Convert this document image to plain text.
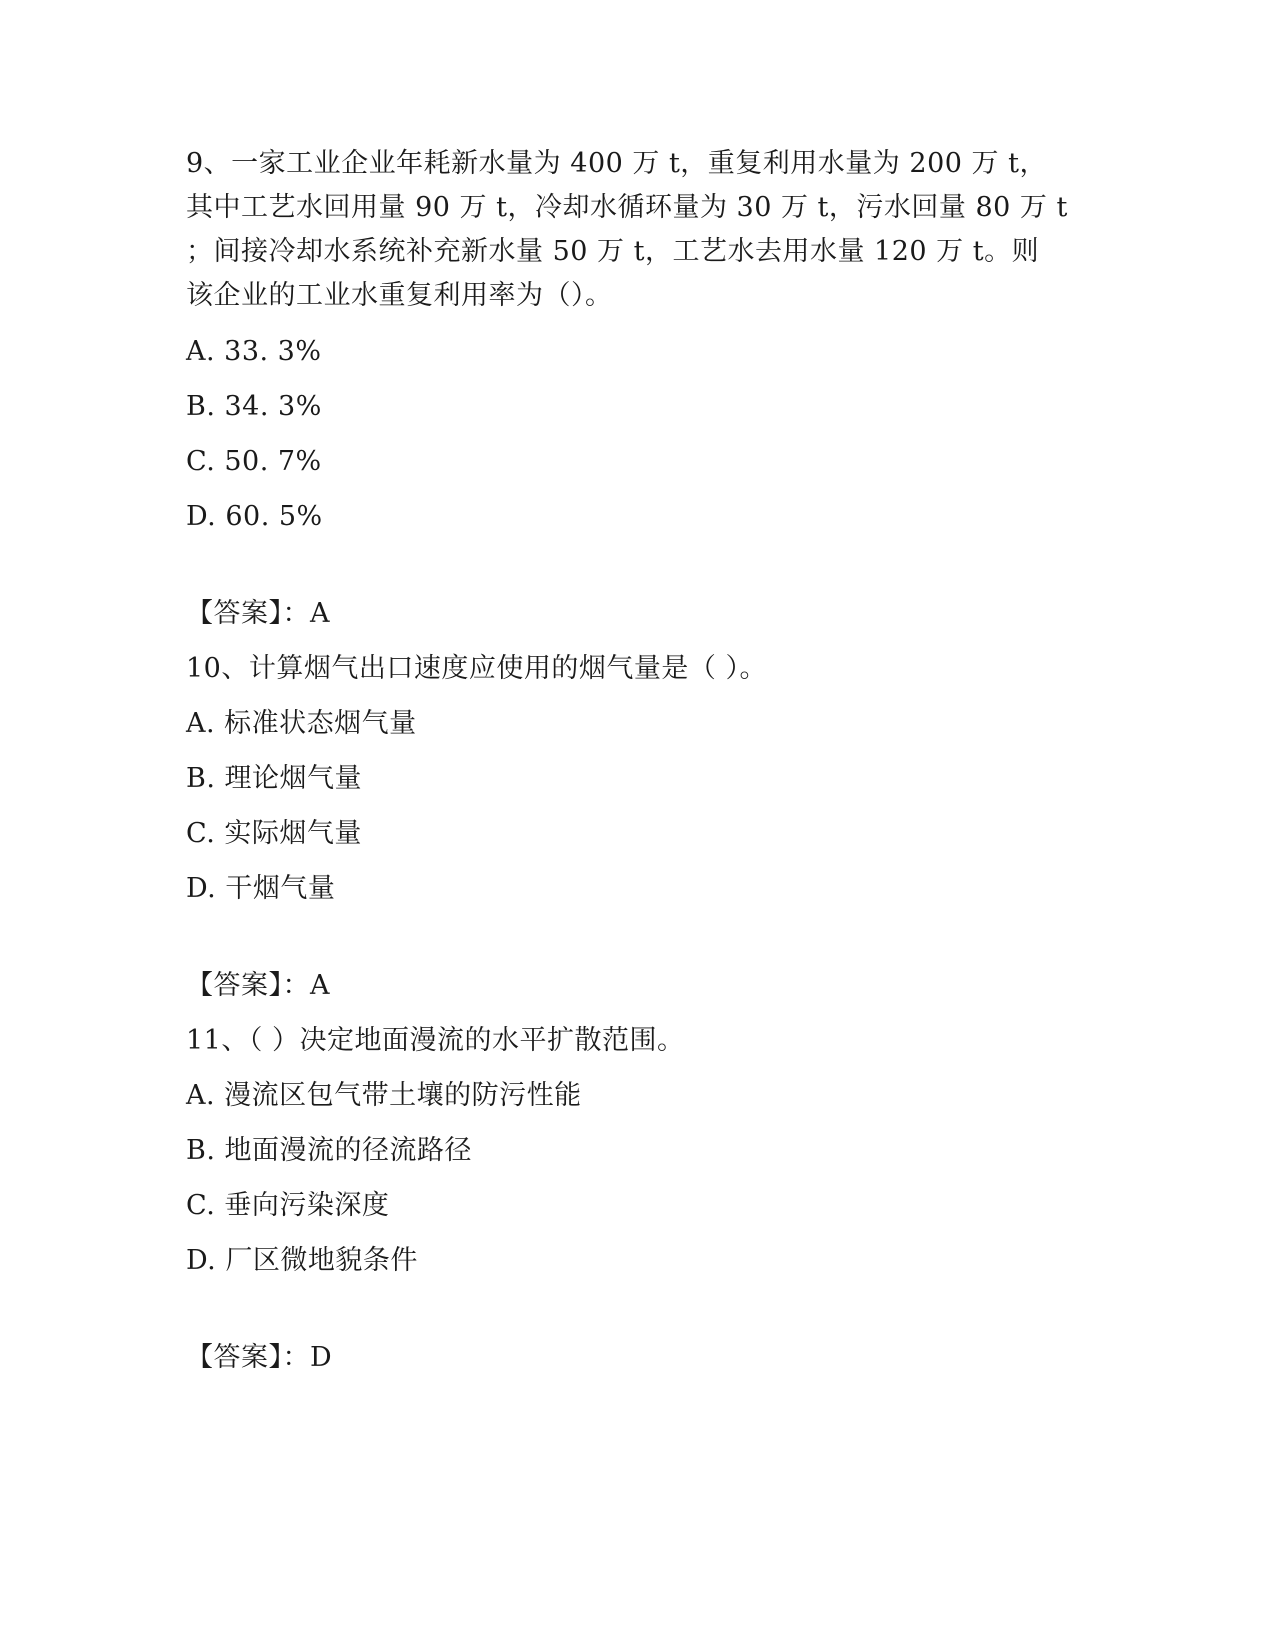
9、一家工业企业年耗新水量为 400 万 t，重复利用水量为 200 万 t，
其中工艺水回用量 90 万 t，冷却水循环量为 30 万 t，污水回量 80 万 t
；间接冷却水系统补充新水量 50 万 t，工艺水去用水量 120 万 t。则
该企业的工业水重复利用率为（）。
A. 33. 3%
B. 34. 3%
C. 50. 7%
D. 60. 5%
【答案】：A
10、计算烟气出口速度应使用的烟气量是（ ）。
A. 标准状态烟气量
B. 理论烟气量
C. 实际烟气量
D. 干烟气量
【答案】：A
11、（ ）决定地面漫流的水平扩散范围。
A. 漫流区包气带土壤的防污性能
B. 地面漫流的径流路径
C. 垂向污染深度
D. 厂区微地貌条件
【答案】：D
